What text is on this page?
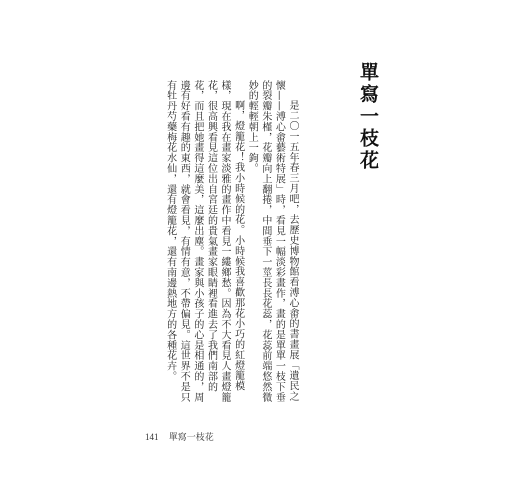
單寫一枝花

是二〇一五年春三月吧，去歷史博物館看溥心畬的書畫展「遺民之懷——溥心畬藝術特展」時，看見一幅淡彩畫作，畫的是單單一枝下垂的裂瓣朱槿，花瓣向上翻捲，中間垂下一莖長長花蕊，花蕊前端悠然微妙的輕輕朝上一鉤。

啊，燈籠花！我小時候的花。小時候我喜歡那花小巧的紅燈籠模樣，現在我在畫家淡雅的畫作中看見一縷鄉愁。因為不大看見人畫燈籠花，很高興看見這位出自宮廷的貴氣畫家眼睛裡看進去了我們南部的花，而且把她畫得這麼美，這麼出塵。畫家與小孩子的心是相通的，周邊有好看有趣的東西，就會看見，有情有意，不帶偏見。這世界不是只有牡丹芍藥梅花水仙，還有燈籠花，還有南邊熱地方的各種花卉。

141 單寫一枝花
